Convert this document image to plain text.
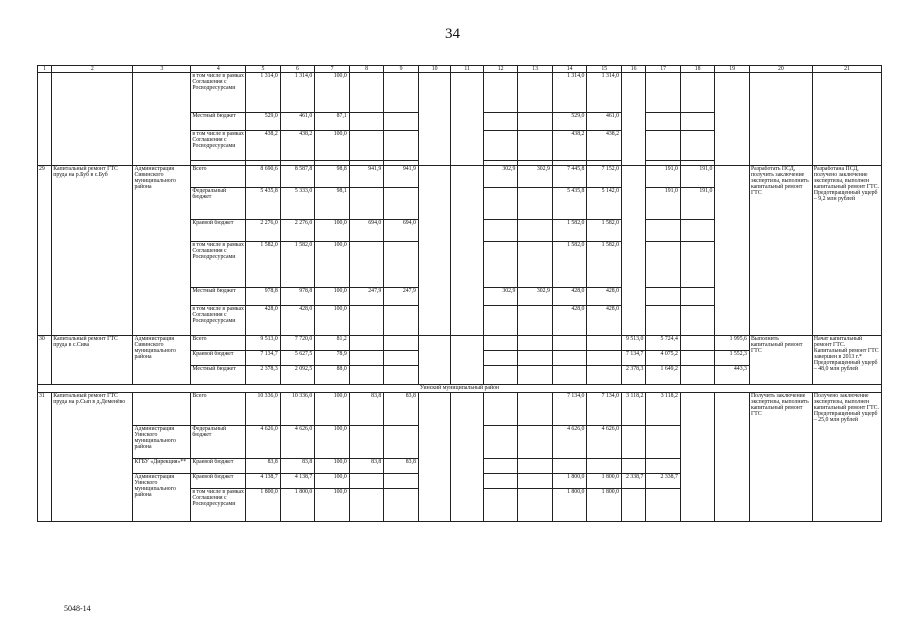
34
1	2	3	4	5	6	7	8	9	10	11	12	13	14	15	16	17	18	19	20	21
			в том числе в рамках Соглашения с Росводресурсами	1 314,0	1 314,0	100,0							1 314,0	1 314,0						
			Местный бюджет	529,0	461,0	87,1							529,0	461,0						
			в том числе в рамках Соглашения с Росводресурсами	438,2	438,2	100,0							438,2	438,2						

29	Капитальный ремонт ГТС пруда на р.Буб в с.Буб	Администрация Сивинского муниципального района	Всего	8 690,6	8 587,8	98,8	941,9	941,9			302,9	302,9	7 445,8	7 152,0		191,0	191,0		Разработать ПСД, получить заключение экспертизы, выполнить капитальный ремонт ГТС	Разработана ПСД, получено заключение экспертизы, выполнен капитальный ремонт ГТС. Предотвращенный ущерб – 9,2 млн рублей
			Федеральный бюджет	5 435,8	5 333,0	98,1							5 435,8	5 142,0		191,0	191,0			
			Краевой бюджет	2 276,0	2 276,0	100,0	694,0	694,0					1 582,0	1 582,0						
			в том числе в рамках Соглашения с Росводресурсами	1 582,0	1 582,0	100,0							1 582,0	1 582,0						
			Местный бюджет	978,8	978,8	100,0	247,9	247,9			302,9	302,9	428,0	428,0						
			в том числе в рамках Соглашения с Росводресурсами	428,0	428,0	100,0							428,0	428,0						
30	Капитальный ремонт ГТС пруда в с.Сива	Администрация Сивинского муниципального района	Всего	9 513,0	7 720,0	81,2									9 513,0	5 724,4		1 995,6	Выполнить капитальный ремонт ГТС	Начат капитальный ремонт ГТС. Капитальный ремонт ГТС завершен в 2013 г.* Предотвращенный ущерб – 48,0 млн рублей
			Краевой бюджет	7 134,7	5 627,5	78,9									7 134,7	4 075,2		1 552,3		
			Местный бюджет	2 378,3	2 092,5	88,0									2 378,3	1 649,2		443,3		
Уинский муниципальный район																				
31	Капитальный ремонт ГТС пруда на р.Сып в д.Деменёво		Всего	10 336,0	10 336,0	100,0	83,8	83,8					7 134,0	7 134,0	3 118,2	3 118,2			Получить заключение экспертизы, выполнить капитальный ремонт ГТС	Получено заключение экспертизы, выполнен капитальный ремонт ГТС. Предотвращенный ущерб – 25,0 млн рублей
		Администрация Уинского муниципального района	Федеральный бюджет	4 626,0	4 626,0	100,0							4 626,0	4 626,0						
		КГБУ «Дирекция»**	Краевой бюджет	83,8	83,8	100,0	83,8	83,8												
		Администрация Уинского муниципального района	Краевой бюджет	4 138,7	4 138,7	100,0							1 800,0	1 800,0	2 338,7	2 338,7				
			в том числе в рамках Соглашения с Росводресурсами	1 800,0	1 800,0	100,0							1 800,0	1 800,0						
5048-14
